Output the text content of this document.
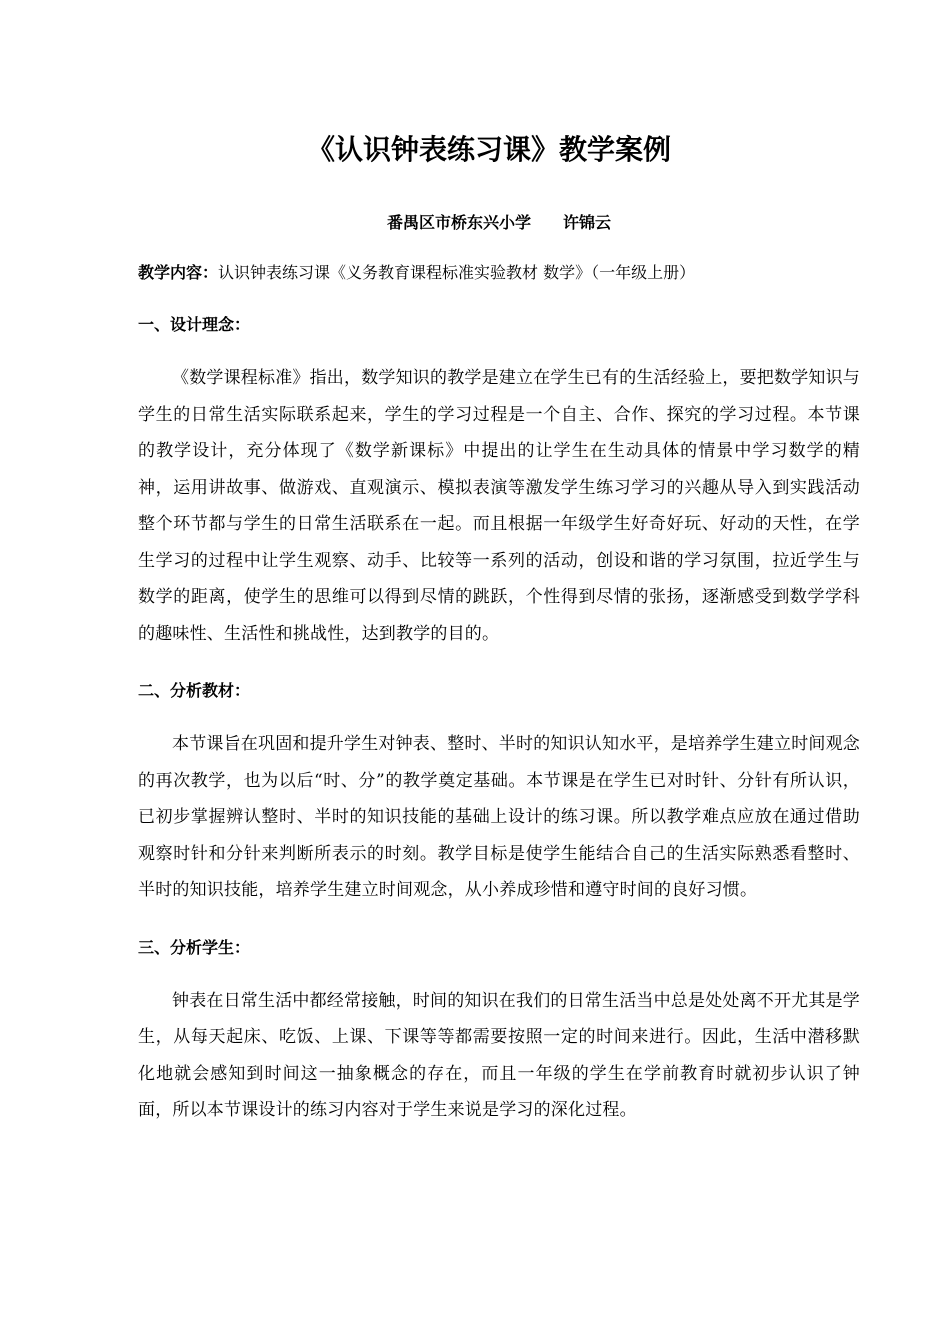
《认识钟表练习课》教学案例

番禺区市桥东兴小学　　许锦云

教学内容：认识钟表练习课《义务教育课程标准实验教材 数学》（一年级上册）

一、设计理念：

《数学课程标准》指出，数学知识的教学是建立在学生已有的生活经验上，要把数学知识与学生的日常生活实际联系起来，学生的学习过程是一个自主、合作、探究的学习过程。本节课的教学设计，充分体现了《数学新课标》中提出的让学生在生动具体的情景中学习数学的精神，运用讲故事、做游戏、直观演示、模拟表演等激发学生练习学习的兴趣从导入到实践活动整个环节都与学生的日常生活联系在一起。而且根据一年级学生好奇好玩、好动的天性，在学生学习的过程中让学生观察、动手、比较等一系列的活动，创设和谐的学习氛围，拉近学生与数学的距离，使学生的思维可以得到尽情的跳跃，个性得到尽情的张扬，逐渐感受到数学学科的趣味性、生活性和挑战性，达到教学的目的。

二、分析教材：

本节课旨在巩固和提升学生对钟表、整时、半时的知识认知水平，是培养学生建立时间观念的再次教学，也为以后“时、分”的教学奠定基础。本节课是在学生已对时针、分针有所认识，已初步掌握辨认整时、半时的知识技能的基础上设计的练习课。所以教学难点应放在通过借助观察时针和分针来判断所表示的时刻。教学目标是使学生能结合自己的生活实际熟悉看整时、半时的知识技能，培养学生建立时间观念，从小养成珍惜和遵守时间的良好习惯。

三、分析学生：

钟表在日常生活中都经常接触，时间的知识在我们的日常生活当中总是处处离不开尤其是学生，从每天起床、吃饭、上课、下课等等都需要按照一定的时间来进行。因此，生活中潜移默化地就会感知到时间这一抽象概念的存在，而且一年级的学生在学前教育时就初步认识了钟面，所以本节课设计的练习内容对于学生来说是学习的深化过程。
